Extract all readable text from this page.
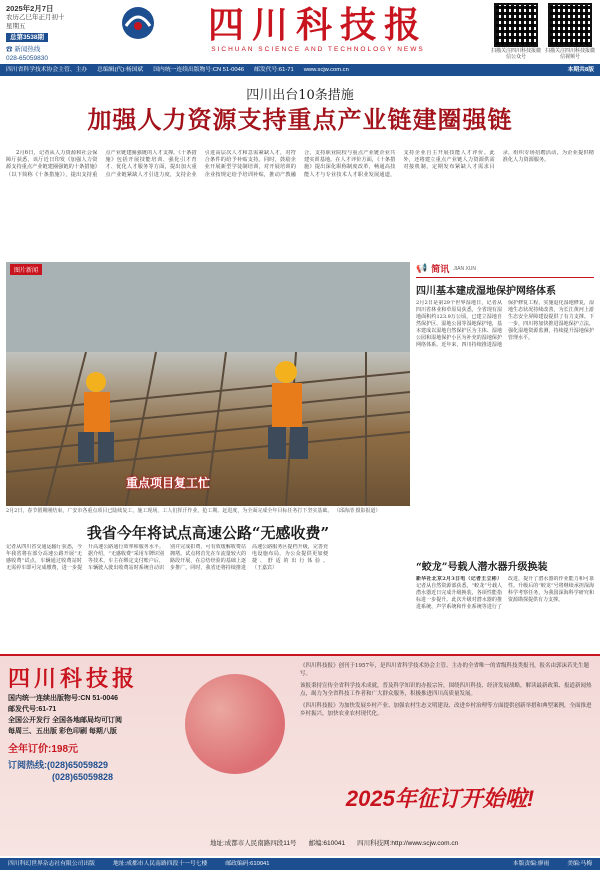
2025年2月7日
农历乙巳年正月初十
星期五
总第3538期
☎ 新闻热线
028-65059830
四川科技报
SICHUAN SCIENCE AND TECHNOLOGY NEWS	扫描关注四川科技报微信公众号
扫描关注四川科技报微信视频号
四川省科学技术协会主管、主办 总编辑(代):杨国斌 国内统一连续出版物号:CN 51-0046 邮发代号:61-71 www.scjw.com.cn	本期共8版
四川出台10条措施
加强人力资源支持重点产业链建圈强链
2月6日，记者从人力资源和社会保障厅获悉，该厅近日印发《加强人力资源支持重点产业链建圈强链的十条措施》（以下简称《十条措施》），提出支持重点产业链建圈强链的人才支撑。《十条措施》包括开展技能培训、强化引才育才、优化人才服务等方面，提出加大重点产业链紧缺人才引进力度，支持企业引进高层次人才和急需紧缺人才，对符合条件的给予补贴支持。同时，鼓励企业开展新型学徒制培训，对开展培训的企业按规定给予培训补贴，推动产教融合，支持职业院校与重点产业链企业共建实训基地。在人才评价方面，《十条措施》提出深化职称制度改革，畅通高技能人才与专业技术人才职业发展通道，支持企业自主开展技能人才评价。此外，还将建立重点产业链人力资源供需对接机制，定期发布紧缺人才需求目录，组织专场招聘活动，为企业提供精准化人力资源服务。
图片新闻
重点项目复工忙
2月2日，春节假期刚结束，广安市各重点项目已陆续复工，施工现场，工人们挥汗作业，抢工期、赶进度，为全面完成全年目标任务打下坚实基础。 （邱海清 摄影报道）
📢 简讯 JIAN XUN
四川基本建成湿地保护网络体系
2月2日是第29个世界湿地日，记者从四川省林业和草原局获悉，全省现有湿地面积约123.9万公顷，已建立湿地自然保护区、湿地公园等湿地保护地，基本建成以湿地自然保护区为主体、湿地公园和湿地保护小区为补充的湿地保护网络体系。近年来，四川持续推进湿地保护修复工程，实施退化湿地修复，湿地生态状况持续改善，为长江黄河上游生态安全屏障建设提供了有力支撑。下一步，四川将加快推进湿地保护立法，强化湿地资源监测，持续提升湿地保护管理水平。
我省今年将试点高速公路“无感收费”
记者从四川省交通运输厅获悉，今年我省将在部分高速公路开展“无感收费”试点，车辆通过收费站时无需停车即可完成缴费，进一步提升高速公路通行效率和服务水平。据介绍，“无感收费”采用车牌识别等技术，车主在绑定支付账户后，车辆驶入驶出收费站时系统自动识别并完成扣费，可有效缓解收费站拥堵。试点将首先在车流量较大的路段开展，在总结经验的基础上逐步推广。同时，我省还将持续推进高速公路服务区提档升级，完善充电设施布局，为公众提供更加便捷、舒适的出行体验。 （王嘉宾）	“蛟龙”号载人潜水器升级换装
新华社北京2月3日电（记者王立彬） 记者从自然资源部获悉，“蛟龙”号载人潜水器近日完成升级换装，各项性能指标进一步提升。此次升级对潜水器的推进系统、声学系统和作业系统等进行了改进，提升了潜水器的作业能力和可靠性。升级后的“蛟龙”号将继续承担深海科学考察任务，为我国深海科学研究和资源勘探提供有力支撑。
四川科技报
国内统一连续出版物号:CN 51-0046
邮发代号:61-71
全国公开发行 全国各地邮局均可订阅
每周三、五出版 彩色印刷 每期八版
全年订价:198元
订阅热线:(028)65059829
(028)65059828

《四川科技报》创刊于1957年，是四川省科学技术协会主管、主办的全省唯一的省级科技类报刊，报名由郭沫若先生题写。

该报秉持宣传全省科学技术成就，普及科学知识的办报宗旨，围绕四川科技、经济发展战略，解读最新政策、报道新闻热点，竭力为全省科技工作者和广大群众服务，积极推进四川高质量发展。

《四川科技报》为加快发展乡村产业、加强农村生态文明建设、改进乡村治理等方面提供创新举措和典型案例，全面推进乡村振兴，加快农业农村现代化。

2025年征订开始啦!
地址:成都市人民南路四段11号 邮编:610041 四川科技网:http://www.scjw.com.cn
四川科幻世界杂志社有限公司出版	地址:成都市人民南路四段十一号七楼	邮政编码:610041	本版责编:廖雨	美编:马梅
